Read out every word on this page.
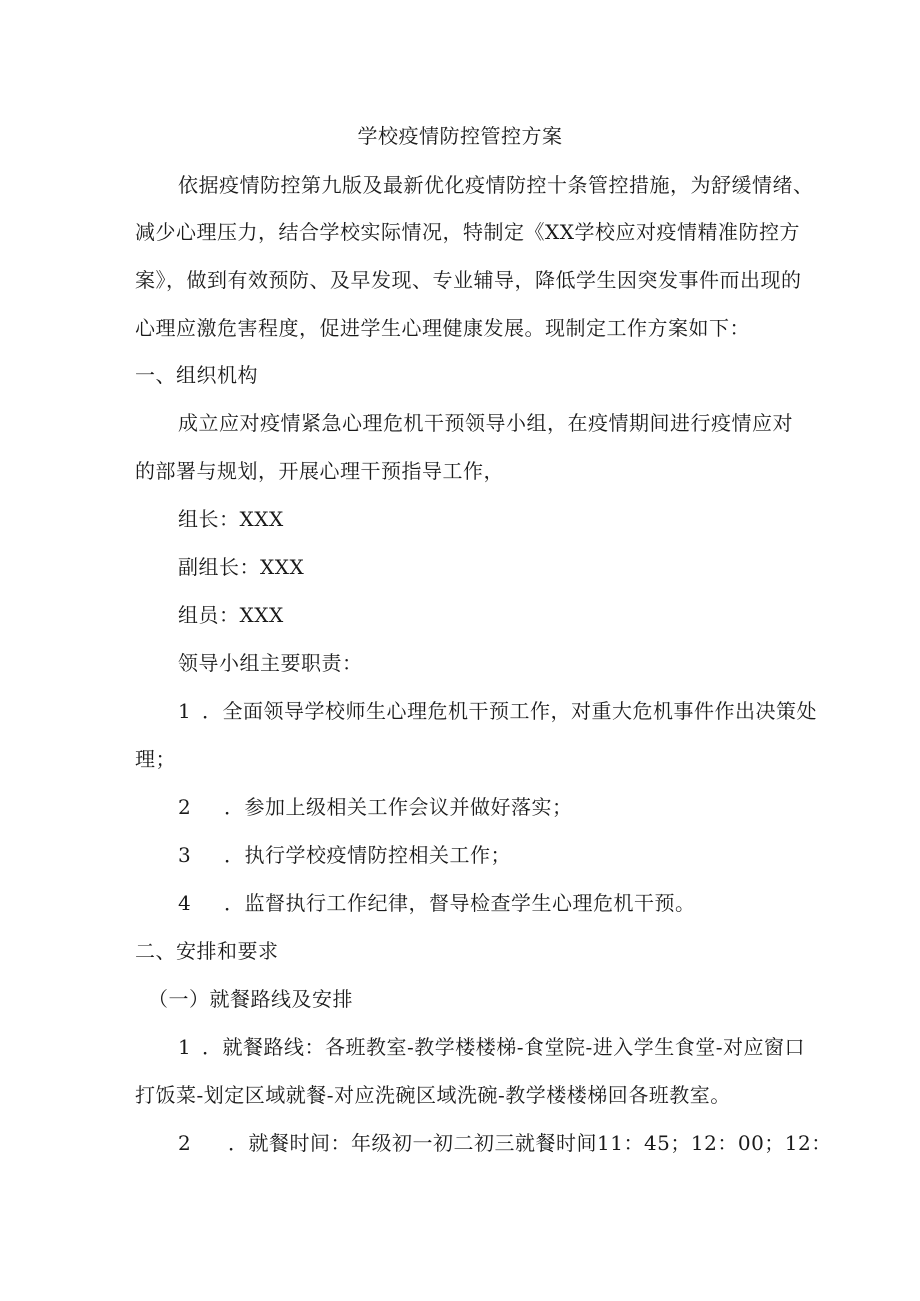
学校疫情防控管控方案
依据疫情防控第九版及最新优化疫情防控十条管控措施，为舒缓情绪、
减少心理压力，结合学校实际情况，特制定《XX学校应对疫情精准防控方
案》，做到有效预防、及早发现、专业辅导，降低学生因突发事件而出现的
心理应激危害程度，促进学生心理健康发展。现制定工作方案如下：
一、组织机构
成立应对疫情紧急心理危机干预领导小组，在疫情期间进行疫情应对
的部署与规划，开展心理干预指导工作，
组长：XXX
副组长：XXX
组员：XXX
领导小组主要职责：
1 ．全面领导学校师生心理危机干预工作，对重大危机事件作出决策处
理；
2 ．参加上级相关工作会议并做好落实；
3 ．执行学校疫情防控相关工作；
4 ．监督执行工作纪律，督导检查学生心理危机干预。
二、安排和要求
（一）就餐路线及安排
1 ．就餐路线：各班教室-教学楼楼梯-食堂院-进入学生食堂-对应窗口
打饭菜-划定区域就餐-对应洗碗区域洗碗-教学楼楼梯回各班教室。
2 ．就餐时间：年级初一初二初三就餐时间11：45；12：00；12：
